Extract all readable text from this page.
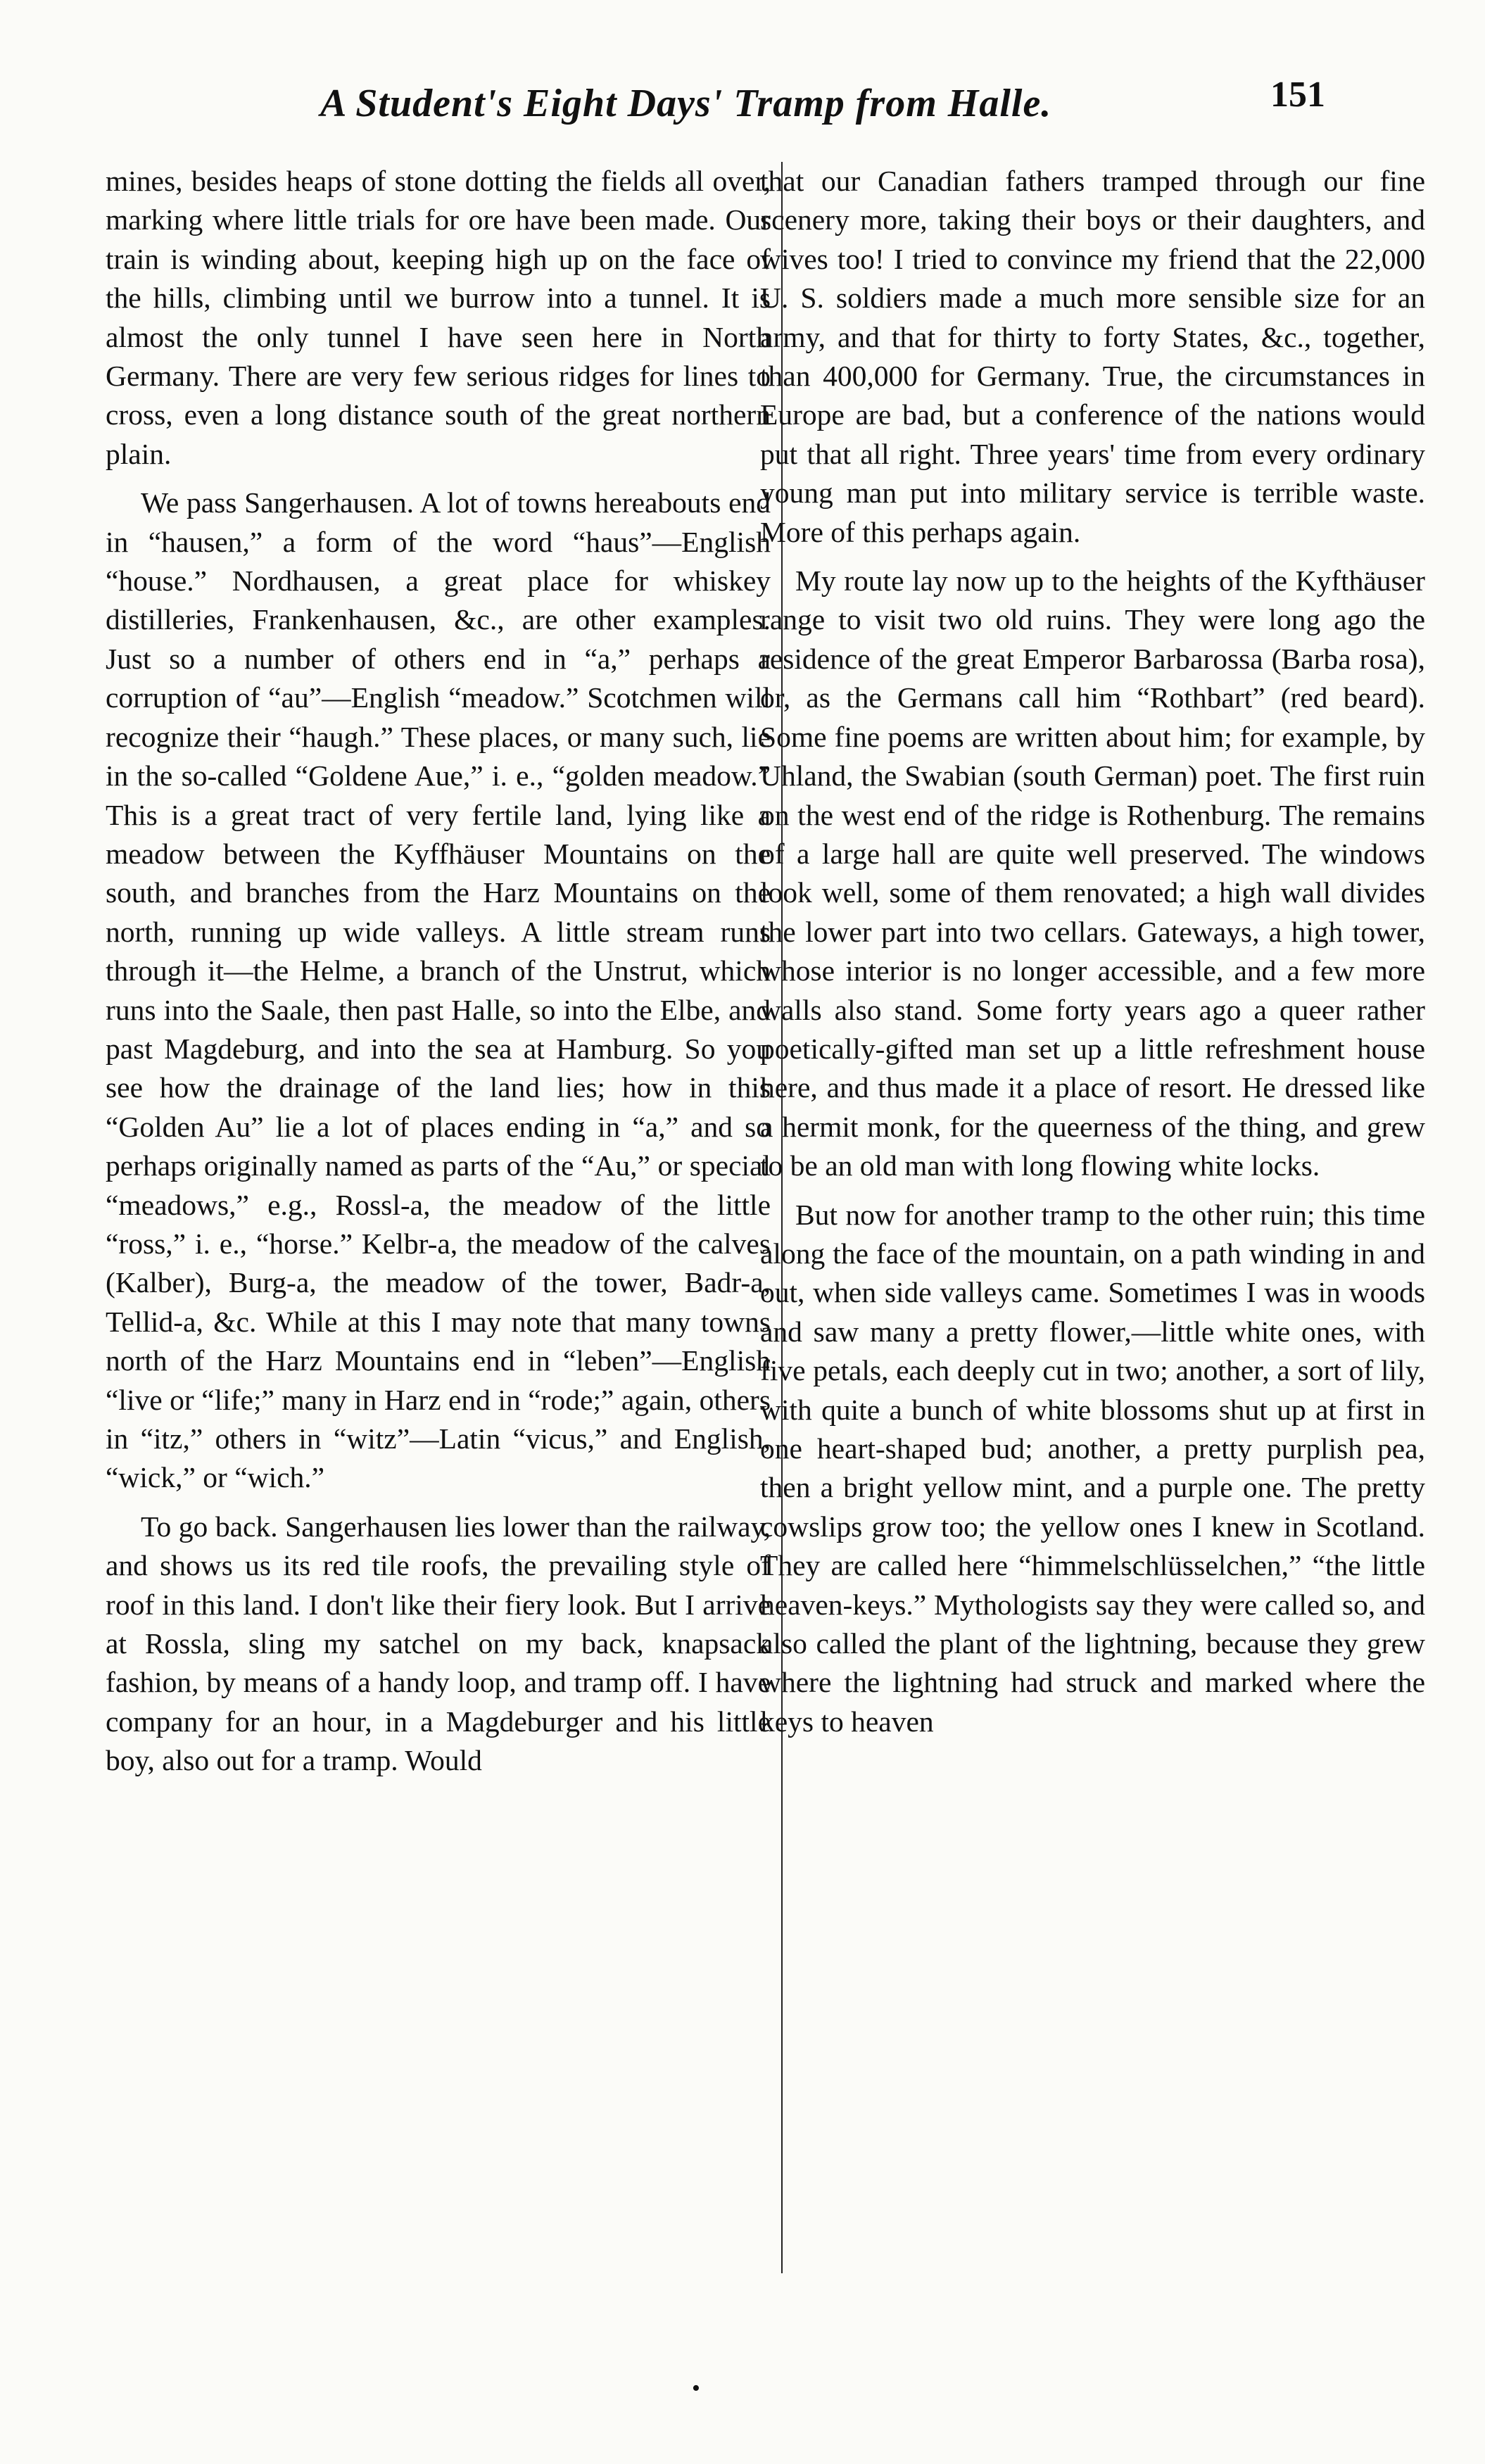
A Student's Eight Days' Tramp from Halle.	151

mines, besides heaps of stone dotting the fields all over, marking where little trials for ore have been made. Our train is winding about, keeping high up on the face of the hills, climbing until we burrow into a tunnel. It is almost the only tunnel I have seen here in North Germany. There are very few serious ridges for lines to cross, even a long distance south of the great northern plain.

We pass Sangerhausen. A lot of towns hereabouts end in “hausen,” a form of the word “haus”—English “house.” Nordhausen, a great place for whiskey distilleries, Frankenhausen, &c., are other examples. Just so a number of others end in “a,” perhaps a corruption of “au”—English “meadow.” Scotchmen will recognize their “haugh.” These places, or many such, lie in the so-called “Goldene Aue,” i. e., “golden meadow.” This is a great tract of very fertile land, lying like a meadow between the Kyffhäuser Mountains on the south, and branches from the Harz Mountains on the north, running up wide valleys. A little stream runs through it—the Helme, a branch of the Unstrut, which runs into the Saale, then past Halle, so into the Elbe, and past Magdeburg, and into the sea at Hamburg. So you see how the drainage of the land lies; how in this “Golden Au” lie a lot of places ending in “a,” and so perhaps originally named as parts of the “Au,” or special “meadows,” e.g., Rossl-a, the meadow of the little “ross,” i. e., “horse.” Kelbr-a, the meadow of the calves (Kalber), Burg-a, the meadow of the tower, Badr-a, Tellid-a, &c. While at this I may note that many towns north of the Harz Mountains end in “leben”—English “live or “life;” many in Harz end in “rode;” again, others in “itz,” others in “witz”—Latin “vicus,” and English, “wick,” or “wich.”

To go back. Sangerhausen lies lower than the railway, and shows us its red tile roofs, the prevailing style of roof in this land. I don't like their fiery look. But I arrive at Rossla, sling my satchel on my back, knapsack fashion, by means of a handy loop, and tramp off. I have company for an hour, in a Magdeburger and his little boy, also out for a tramp. Would

that our Canadian fathers tramped through our fine scenery more, taking their boys or their daughters, and wives too! I tried to convince my friend that the 22,000 U. S. soldiers made a much more sensible size for an army, and that for thirty to forty States, &c., together, than 400,000 for Germany. True, the circumstances in Europe are bad, but a conference of the nations would put that all right. Three years' time from every ordinary young man put into military service is terrible waste. More of this perhaps again.

My route lay now up to the heights of the Kyfthäuser range to visit two old ruins. They were long ago the residence of the great Emperor Barbarossa (Barba rosa), or, as the Germans call him “Rothbart” (red beard). Some fine poems are written about him; for example, by Uhland, the Swabian (south German) poet. The first ruin on the west end of the ridge is Rothenburg. The remains of a large hall are quite well preserved. The windows look well, some of them renovated; a high wall divides the lower part into two cellars. Gateways, a high tower, whose interior is no longer accessible, and a few more walls also stand. Some forty years ago a queer rather poetically-gifted man set up a little refreshment house here, and thus made it a place of resort. He dressed like a hermit monk, for the queerness of the thing, and grew to be an old man with long flowing white locks.

But now for another tramp to the other ruin; this time along the face of the mountain, on a path winding in and out, when side valleys came. Sometimes I was in woods and saw many a pretty flower,—little white ones, with five petals, each deeply cut in two; another, a sort of lily, with quite a bunch of white blossoms shut up at first in one heart-shaped bud; another, a pretty purplish pea, then a bright yellow mint, and a purple one. The pretty cowslips grow too; the yellow ones I knew in Scotland. They are called here “himmelschlüsselchen,” “the little heaven-keys.” Mythologists say they were called so, and also called the plant of the lightning, because they grew where the lightning had struck and marked where the keys to heaven

•
